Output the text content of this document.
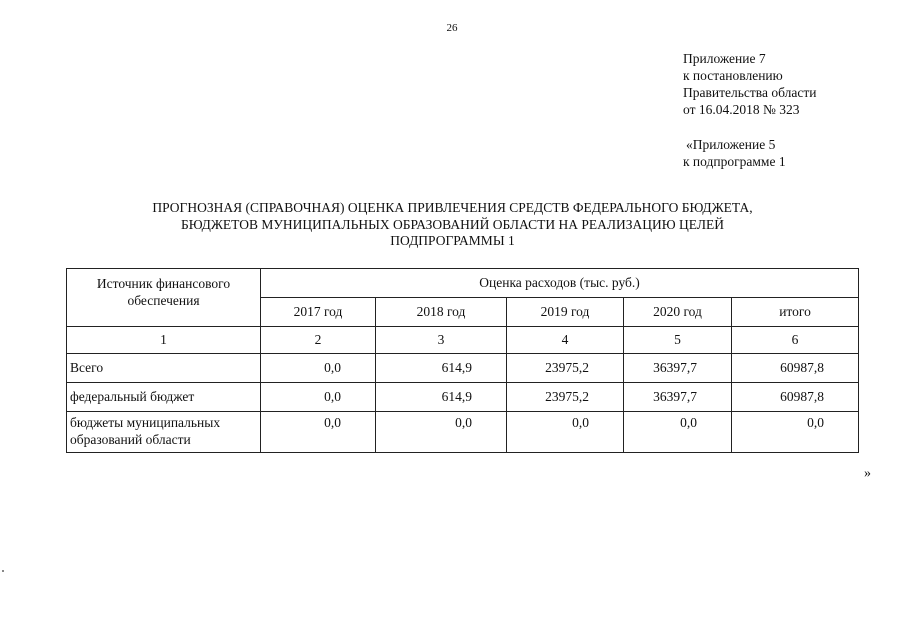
26
Приложение 7
к постановлению
Правительства области
от 16.04.2018 № 323
«Приложение 5
к подпрограмме 1
ПРОГНОЗНАЯ (СПРАВОЧНАЯ) ОЦЕНКА ПРИВЛЕЧЕНИЯ СРЕДСТВ ФЕДЕРАЛЬНОГО БЮДЖЕТА,
БЮДЖЕТОВ МУНИЦИПАЛЬНЫХ ОБРАЗОВАНИЙ ОБЛАСТИ НА РЕАЛИЗАЦИЮ ЦЕЛЕЙ
ПОДПРОГРАММЫ 1
Источник финансового обеспечения	Оценка расходов (тыс. руб.)				
	2017 год	2018 год	2019 год	2020 год	итого
1	2	3	4	5	6
Всего	0,0	614,9	23975,2	36397,7	60987,8
федеральный бюджет	0,0	614,9	23975,2	36397,7	60987,8
бюджеты муниципальных образований области	0,0	0,0	0,0	0,0	0,0
»
